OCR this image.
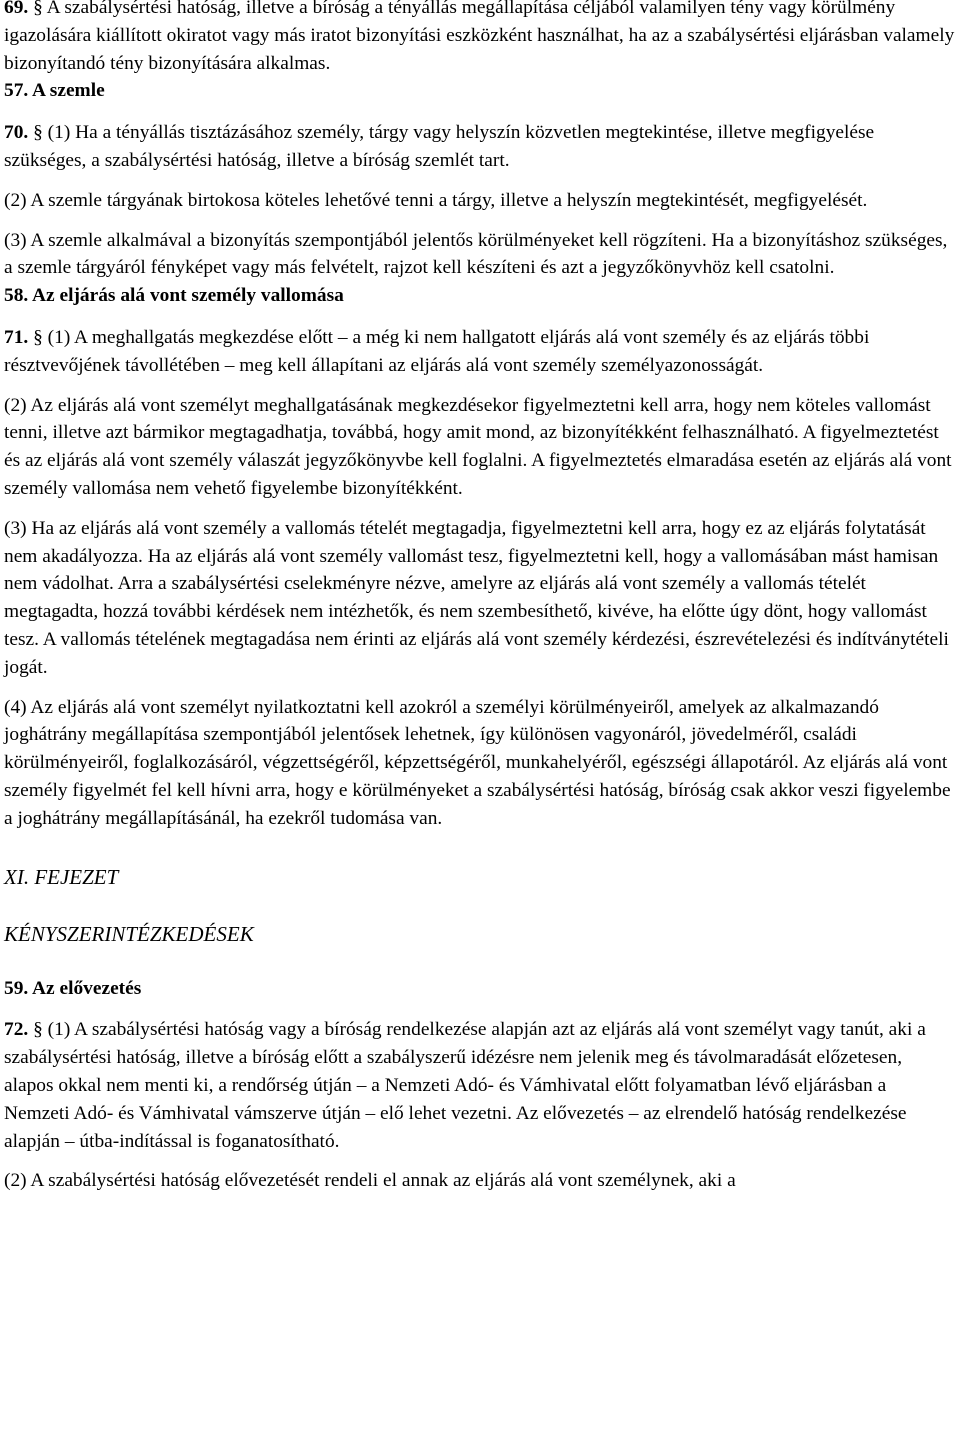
69. § A szabálysértési hatóság, illetve a bíróság a tényállás megállapítása céljából valamilyen tény vagy körülmény igazolására kiállított okiratot vagy más iratot bizonyítási eszközként használhat, ha az a szabálysértési eljárásban valamely bizonyítandó tény bizonyítására alkalmas.

57. A szemle

70. § (1) Ha a tényállás tisztázásához személy, tárgy vagy helyszín közvetlen megtekintése, illetve megfigyelése szükséges, a szabálysértési hatóság, illetve a bíróság szemlét tart.

(2) A szemle tárgyának birtokosa köteles lehetővé tenni a tárgy, illetve a helyszín megtekintését, megfigyelését.

(3) A szemle alkalmával a bizonyítás szempontjából jelentős körülményeket kell rögzíteni. Ha a bizonyításhoz szükséges, a szemle tárgyáról fényképet vagy más felvételt, rajzot kell készíteni és azt a jegyzőkönyvhöz kell csatolni.

58. Az eljárás alá vont személy vallomása

71. § (1) A meghallgatás megkezdése előtt – a még ki nem hallgatott eljárás alá vont személy és az eljárás többi résztvevőjének távollétében – meg kell állapítani az eljárás alá vont személy személyazonosságát.

(2) Az eljárás alá vont személyt meghallgatásának megkezdésekor figyelmeztetni kell arra, hogy nem köteles vallomást tenni, illetve azt bármikor megtagadhatja, továbbá, hogy amit mond, az bizonyítékként felhasználható. A figyelmeztetést és az eljárás alá vont személy válaszát jegyzőkönyvbe kell foglalni. A figyelmeztetés elmaradása esetén az eljárás alá vont személy vallomása nem vehető figyelembe bizonyítékként.

(3) Ha az eljárás alá vont személy a vallomás tételét megtagadja, figyelmeztetni kell arra, hogy ez az eljárás folytatását nem akadályozza. Ha az eljárás alá vont személy vallomást tesz, figyelmeztetni kell, hogy a vallomásában mást hamisan nem vádolhat. Arra a szabálysértési cselekményre nézve, amelyre az eljárás alá vont személy a vallomás tételét megtagadta, hozzá további kérdések nem intézhetők, és nem szembesíthető, kivéve, ha előtte úgy dönt, hogy vallomást tesz. A vallomás tételének megtagadása nem érinti az eljárás alá vont személy kérdezési, észrevételezési és indítványtételi jogát.

(4) Az eljárás alá vont személyt nyilatkoztatni kell azokról a személyi körülményeiről, amelyek az alkalmazandó joghátrány megállapítása szempontjából jelentősek lehetnek, így különösen vagyonáról, jövedelméről, családi körülményeiről, foglalkozásáról, végzettségéről, képzettségéről, munkahelyéről, egészségi állapotáról. Az eljárás alá vont személy figyelmét fel kell hívni arra, hogy e körülményeket a szabálysértési hatóság, bíróság csak akkor veszi figyelembe a joghátrány megállapításánál, ha ezekről tudomása van.

XI. FEJEZET

KÉNYSZERINTÉZKEDÉSEK

59. Az elővezetés

72. § (1) A szabálysértési hatóság vagy a bíróság rendelkezése alapján azt az eljárás alá vont személyt vagy tanút, aki a szabálysértési hatóság, illetve a bíróság előtt a szabályszerű idézésre nem jelenik meg és távolmaradását előzetesen, alapos okkal nem menti ki, a rendőrség útján – a Nemzeti Adó- és Vámhivatal előtt folyamatban lévő eljárásban a Nemzeti Adó- és Vámhivatal vámszerve útján – elő lehet vezetni. Az elővezetés – az elrendelő hatóság rendelkezése alapján – útba-indítással is foganatosítható.

(2) A szabálysértési hatóság elővezetését rendeli el annak az eljárás alá vont személynek, aki a
